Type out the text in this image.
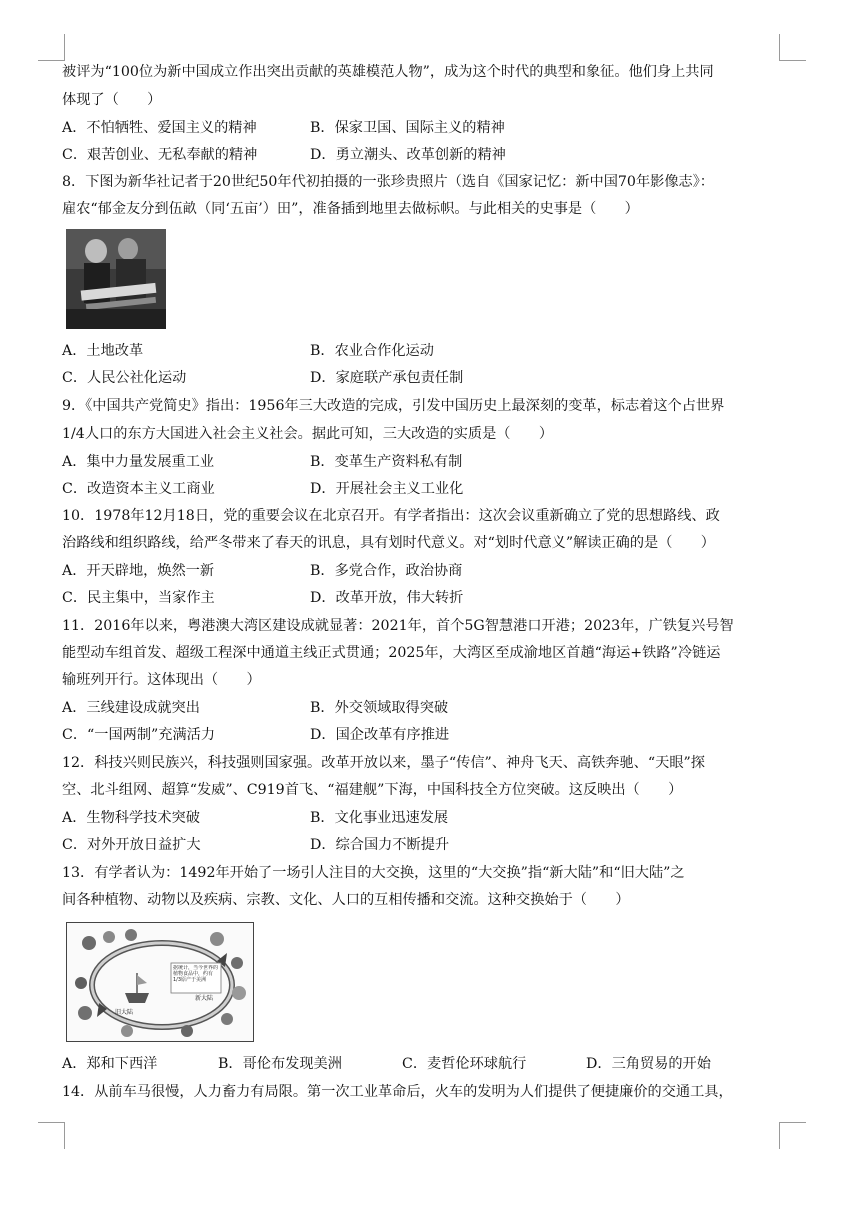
被评为“100位为新中国成立作出突出贡献的英雄模范人物”，成为这个时代的典型和象征。他们身上共同
体现了（　　）
A．不怕牺牲、爱国主义的精神	B．保家卫国、国际主义的精神
C．艰苦创业、无私奉献的精神	D．勇立潮头、改革创新的精神
8．下图为新华社记者于20世纪50年代初拍摄的一张珍贵照片（选自《国家记忆：新中国70年影像志》：
雇农“郁金友分到伍畝（同‘五亩’）田”，准备插到地里去做标帜。与此相关的史事是（　　）
A．土地改革	B．农业合作化运动
C．人民公社化运动	D．家庭联产承包责任制
9．《中国共产党简史》指出：1956年三大改造的完成，引发中国历史上最深刻的变革，标志着这个占世界
1/4人口的东方大国进入社会主义社会。据此可知，三大改造的实质是（　　）
A．集中力量发展重工业	B．变革生产资料私有制
C．改造资本主义工商业	D．开展社会主义工业化
10．1978年12月18日，党的重要会议在北京召开。有学者指出：这次会议重新确立了党的思想路线、政
治路线和组织路线，给严冬带来了春天的讯息，具有划时代意义。对“划时代意义”解读正确的是（　　）
A．开天辟地，焕然一新	B．多党合作，政治协商
C．民主集中，当家作主	D．改革开放，伟大转折
11．2016年以来，粤港澳大湾区建设成就显著：2021年，首个5G智慧港口开港；2023年，广铁复兴号智
能型动车组首发、超级工程深中通道主线正式贯通；2025年，大湾区至成渝地区首趟“海运+铁路”冷链运
输班列开行。这体现出（　　）
A．三线建设成就突出	B．外交领域取得突破
C．“一国两制”充满活力	D．国企改革有序推进
12．科技兴则民族兴，科技强则国家强。改革开放以来，墨子“传信”、神舟飞天、高铁奔驰、“天眼”探
空、北斗组网、超算“发威”、C919首飞、“福建舰”下海，中国科技全方位突破。这反映出（　　）
A．生物科学技术突破	B．文化事业迅速发展
C．对外开放日益扩大	D．综合国力不断提升
13．有学者认为：1492年开始了一场引人注目的大交换，这里的“大交换”指“新大陆”和“旧大陆”之
间各种植物、动物以及疾病、宗教、文化、人口的互相传播和交流。这种交换始于（　　）
据统计，当今世界的植物食品中，约有1/3原产于美洲
新大陆
旧大陆
A．郑和下西洋	B．哥伦布发现美洲	C．麦哲伦环球航行	D．三角贸易的开始
14．从前车马很慢，人力畜力有局限。第一次工业革命后，火车的发明为人们提供了便捷廉价的交通工具，
